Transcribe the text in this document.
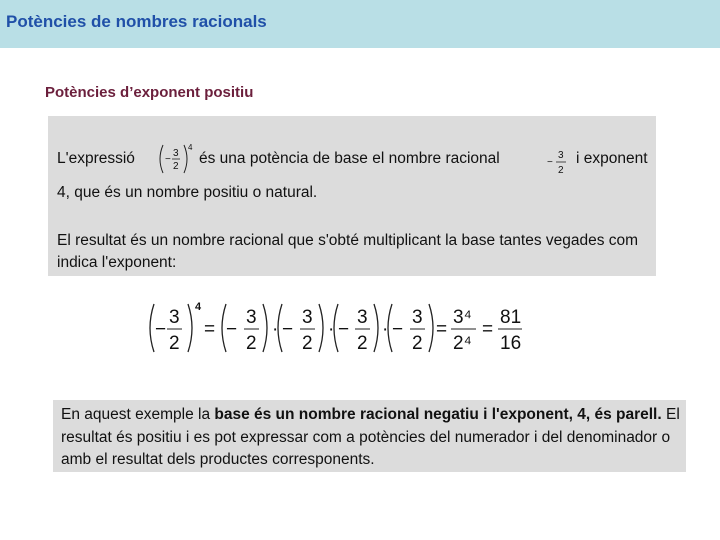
Potències de nombres racionals
Potències d’exponent positiu
L'expressió	−
3
2
4
és una potència de base el nombre racional	−
3
2
i exponent
4, que és un nombre positiu o natural.
El resultat és un nombre racional que s'obté multiplicant la base tantes vegades com indica l'exponent:
−
3
2
4
= −
3
2
· −
3
2
· −
3
2
· −
3
2
=
3⁴
2⁴
=
81
16
En aquest exemple la base és un nombre racional negatiu i l'exponent, 4, és parell. El resultat és positiu i es pot expressar com a potències del numerador i del denominador o amb el resultat dels productes corresponents.
